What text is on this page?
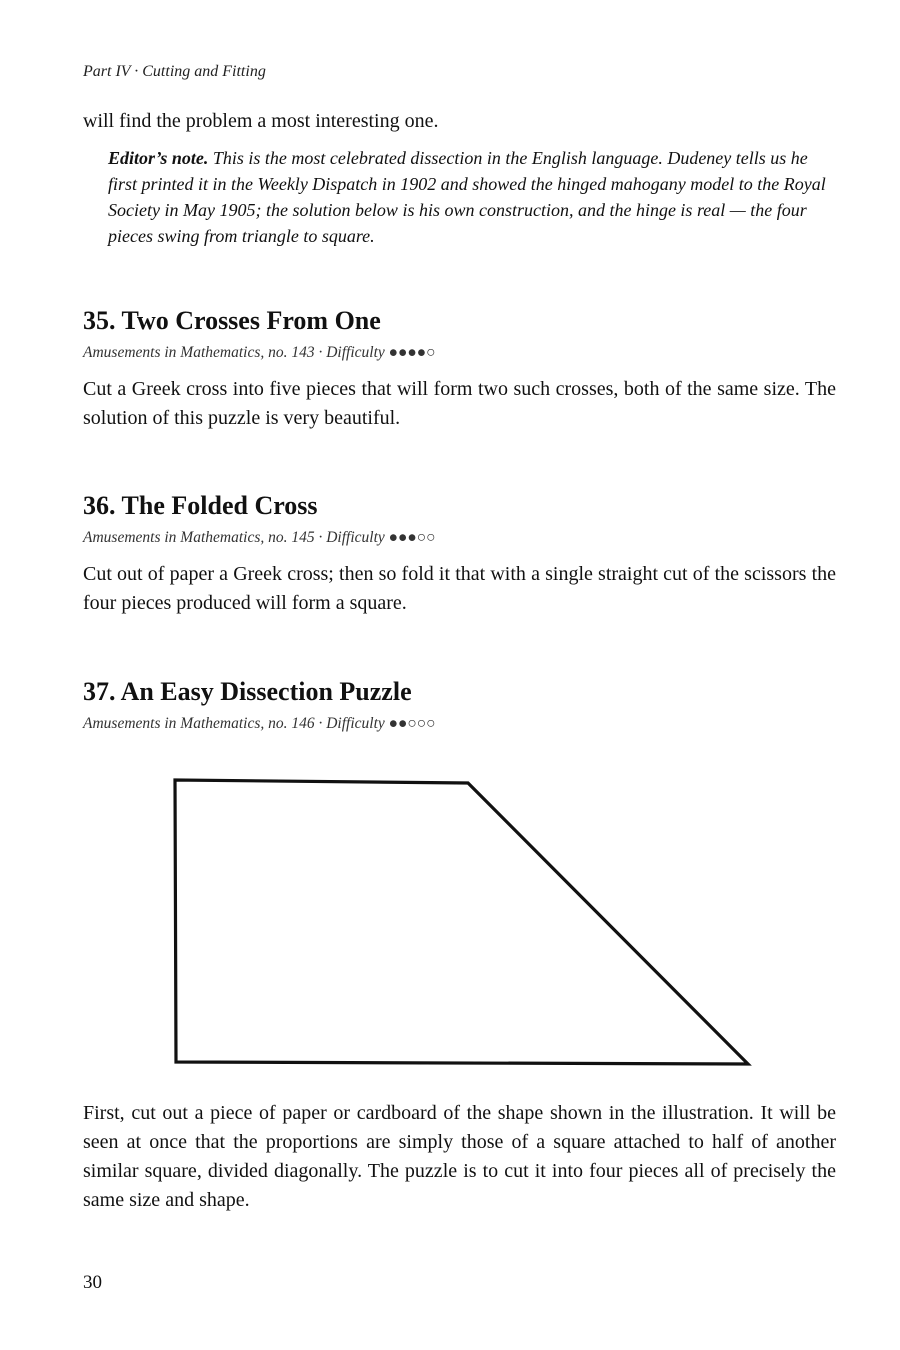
Part IV · Cutting and Fitting

will find the problem a most interesting one.

Editor’s note. This is the most celebrated dissection in the English language. Dudeney tells us he first printed it in the Weekly Dispatch in 1902 and showed the hinged mahogany model to the Royal Society in May 1905; the solution below is his own construction, and the hinge is real — the four pieces swing from triangle to square.

35. Two Crosses From One
Amusements in Mathematics, no. 143 · Difficulty ●●●●○

Cut a Greek cross into five pieces that will form two such crosses, both of the same size. The solution of this puzzle is very beautiful.

36. The Folded Cross
Amusements in Mathematics, no. 145 · Difficulty ●●●○○

Cut out of paper a Greek cross; then so fold it that with a single straight cut of the scissors the four pieces produced will form a square.

37. An Easy Dissection Puzzle
Amusements in Mathematics, no. 146 · Difficulty ●●○○○

First, cut out a piece of paper or cardboard of the shape shown in the illustration. It will be seen at once that the proportions are simply those of a square attached to half of another similar square, divided diagonally. The puzzle is to cut it into four pieces all of precisely the same size and shape.

30
